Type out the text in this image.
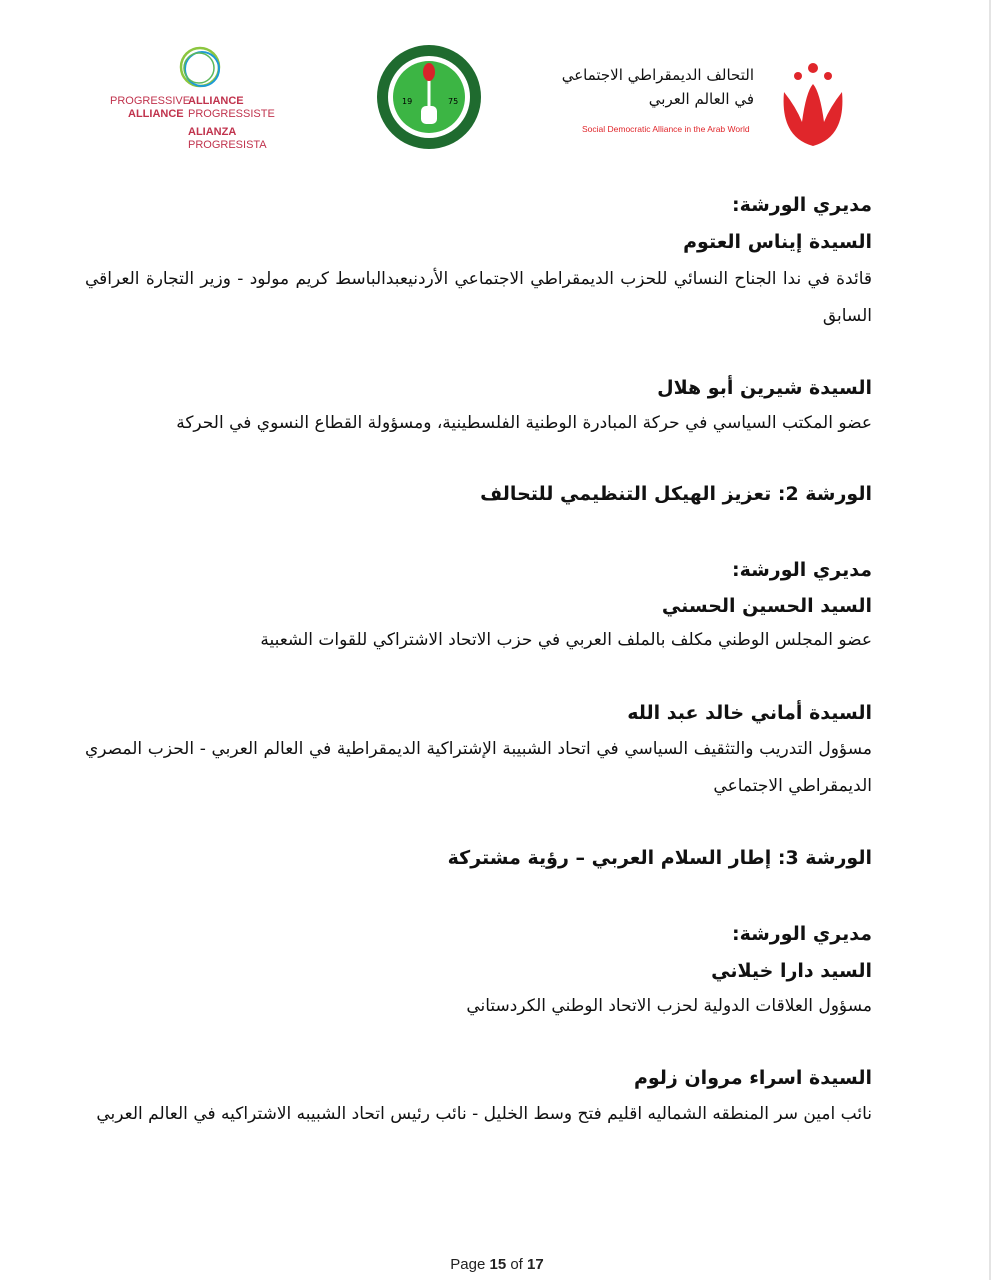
PROGRESSIVE
ALLIANCE
ALLIANCE PROGRESSISTE
ALIANZA
PROGRESISTA
19	75
التحالف الديمقراطي الاجتماعي
في العالم العربي
Social Democratic Alliance in the Arab World
مديري الورشة:
السيدة إيناس العتوم
قائدة في ندا الجناح النسائي للحزب الديمقراطي الاجتماعي الأردنيعبدالباسط كريم مولود - وزير التجارة العراقي السابق
السيدة شيرين أبو هلال
عضو المكتب السياسي في حركة المبادرة الوطنية الفلسطينية، ومسؤولة القطاع النسوي في الحركة
الورشة 2: تعزيز الهيكل التنظيمي للتحالف
مديري الورشة:
السيد الحسين الحسني
عضو المجلس الوطني مكلف بالملف العربي في حزب الاتحاد الاشتراكي للقوات الشعبية
السيدة أماني خالد عبد الله
مسؤول التدريب والتثقيف السياسي في اتحاد الشبيبة الإشتراكية الديمقراطية في العالم العربي - الحزب المصري الديمقراطي الاجتماعي
الورشة 3: إطار السلام العربي – رؤية مشتركة
مديري الورشة:
السيد دارا خيلاني
مسؤول العلاقات الدولية لحزب الاتحاد الوطني الكردستاني
السيدة اسراء مروان زلوم
نائب امين سر المنطقه الشماليه اقليم فتح وسط الخليل - نائب رئيس اتحاد الشبيبه الاشتراكيه في العالم العربي
Page 15 of 17
